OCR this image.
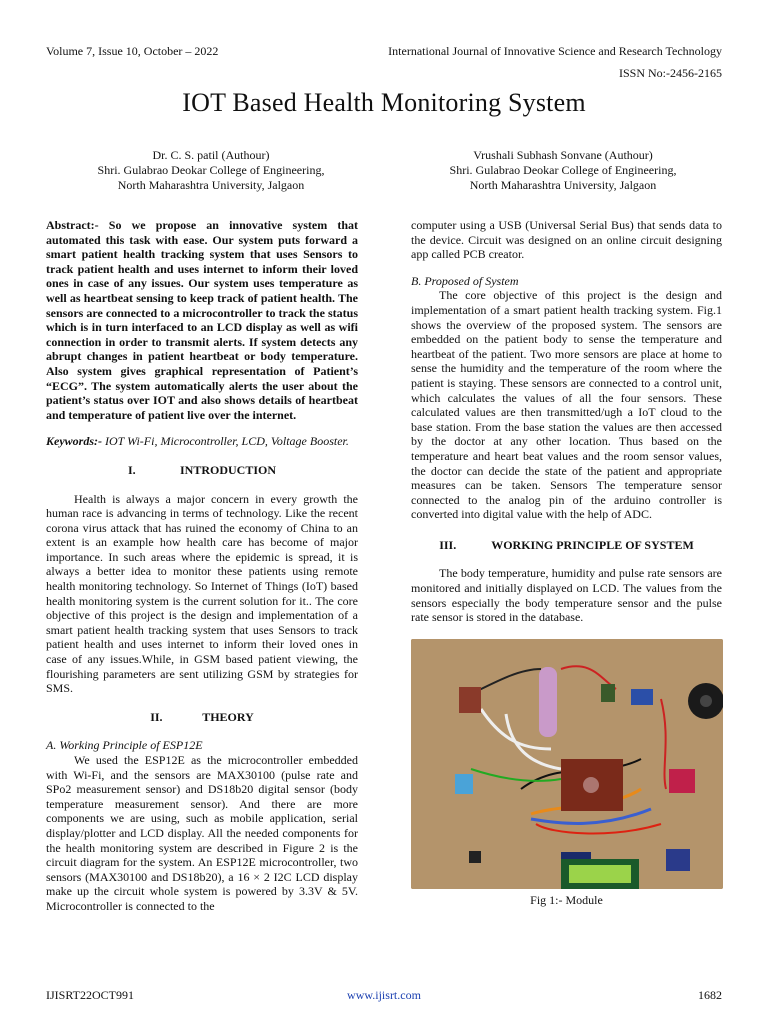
Volume 7, Issue 10, October – 2022	International Journal of Innovative Science and Research Technology
ISSN No:-2456-2165
IOT Based Health Monitoring System
Dr. C. S. patil (Authour)
Shri. Gulabrao Deokar College of Engineering,
North Maharashtra University, Jalgaon
Vrushali Subhash Sonvane (Authour)
Shri. Gulabrao Deokar College of Engineering,
North Maharashtra University, Jalgaon

Abstract:- So we propose an innovative system that automated this task with ease. Our system puts forward a smart patient health tracking system that uses Sensors to track patient health and uses internet to inform their loved ones in case of any issues. Our system uses temperature as well as heartbeat sensing to keep track of patient health. The sensors are connected to a microcontroller to track the status which is in turn interfaced to an LCD display as well as wifi connection in order to transmit alerts. If system detects any abrupt changes in patient heartbeat or body temperature. Also system gives graphical representation of Patient’s “ECG”. The system automatically alerts the user about the patient’s status over IOT and also shows details of heartbeat and temperature of patient live over the internet.

Keywords:- IOT Wi-Fi, Microcontroller, LCD, Voltage Booster.

I.	INTRODUCTION

Health is always a major concern in every growth the human race is advancing in terms of technology. Like the recent corona virus attack that has ruined the economy of China to an extent is an example how health care has become of major importance. In such areas where the epidemic is spread, it is always a better idea to monitor these patients using remote health monitoring technology. So Internet of Things (IoT) based health monitoring system is the current solution for it.. The core objective of this project is the design and implementation of a smart patient health tracking system that uses Sensors to track patient health and uses internet to inform their loved ones in case of any issues.While, in GSM based patient viewing, the flourishing parameters are sent utilizing GSM by strategies for SMS.

II.	THEORY

A. Working Principle of ESP12E

We used the ESP12E as the microcontroller embedded with Wi-Fi, and the sensors are MAX30100 (pulse rate and SPo2 measurement sensor) and DS18b20 digital sensor (body temperature measurement sensor). And there are more components we are using, such as mobile application, serial display/plotter and LCD display. All the needed components for the health monitoring system are described in Figure 2 is the circuit diagram for the system. An ESP12E microcontroller, two sensors (MAX30100 and DS18b20), a 16 × 2 I2C LCD display make up the circuit whole system is powered by 3.3V & 5V. Microcontroller is connected to the

computer using a USB (Universal Serial Bus) that sends data to the device. Circuit was designed on an online circuit designing app called PCB creator.

B. Proposed of System

The core objective of this project is the design and implementation of a smart patient health tracking system. Fig.1 shows the overview of the proposed system. The sensors are embedded on the patient body to sense the temperature and heartbeat of the patient. Two more sensors are place at home to sense the humidity and the temperature of the room where the patient is staying. These sensors are connected to a control unit, which calculates the values of all the four sensors. These calculated values are then transmitted/ugh a IoT cloud to the base station. From the base station the values are then accessed by the doctor at any other location. Thus based on the temperature and heart beat values and the room sensor values, the doctor can decide the state of the patient and appropriate measures can be taken. Sensors The temperature sensor connected to the analog pin of the arduino controller is converted into digital value with the help of ADC.

III.	WORKING PRINCIPLE OF SYSTEM

The body temperature, humidity and pulse rate sensors are monitored and initially displayed on LCD. The values from the sensors especially the body temperature sensor and the pulse rate sensor is stored in the database.

Fig 1:- Module
IJISRT22OCT991	www.ijisrt.com	1682
